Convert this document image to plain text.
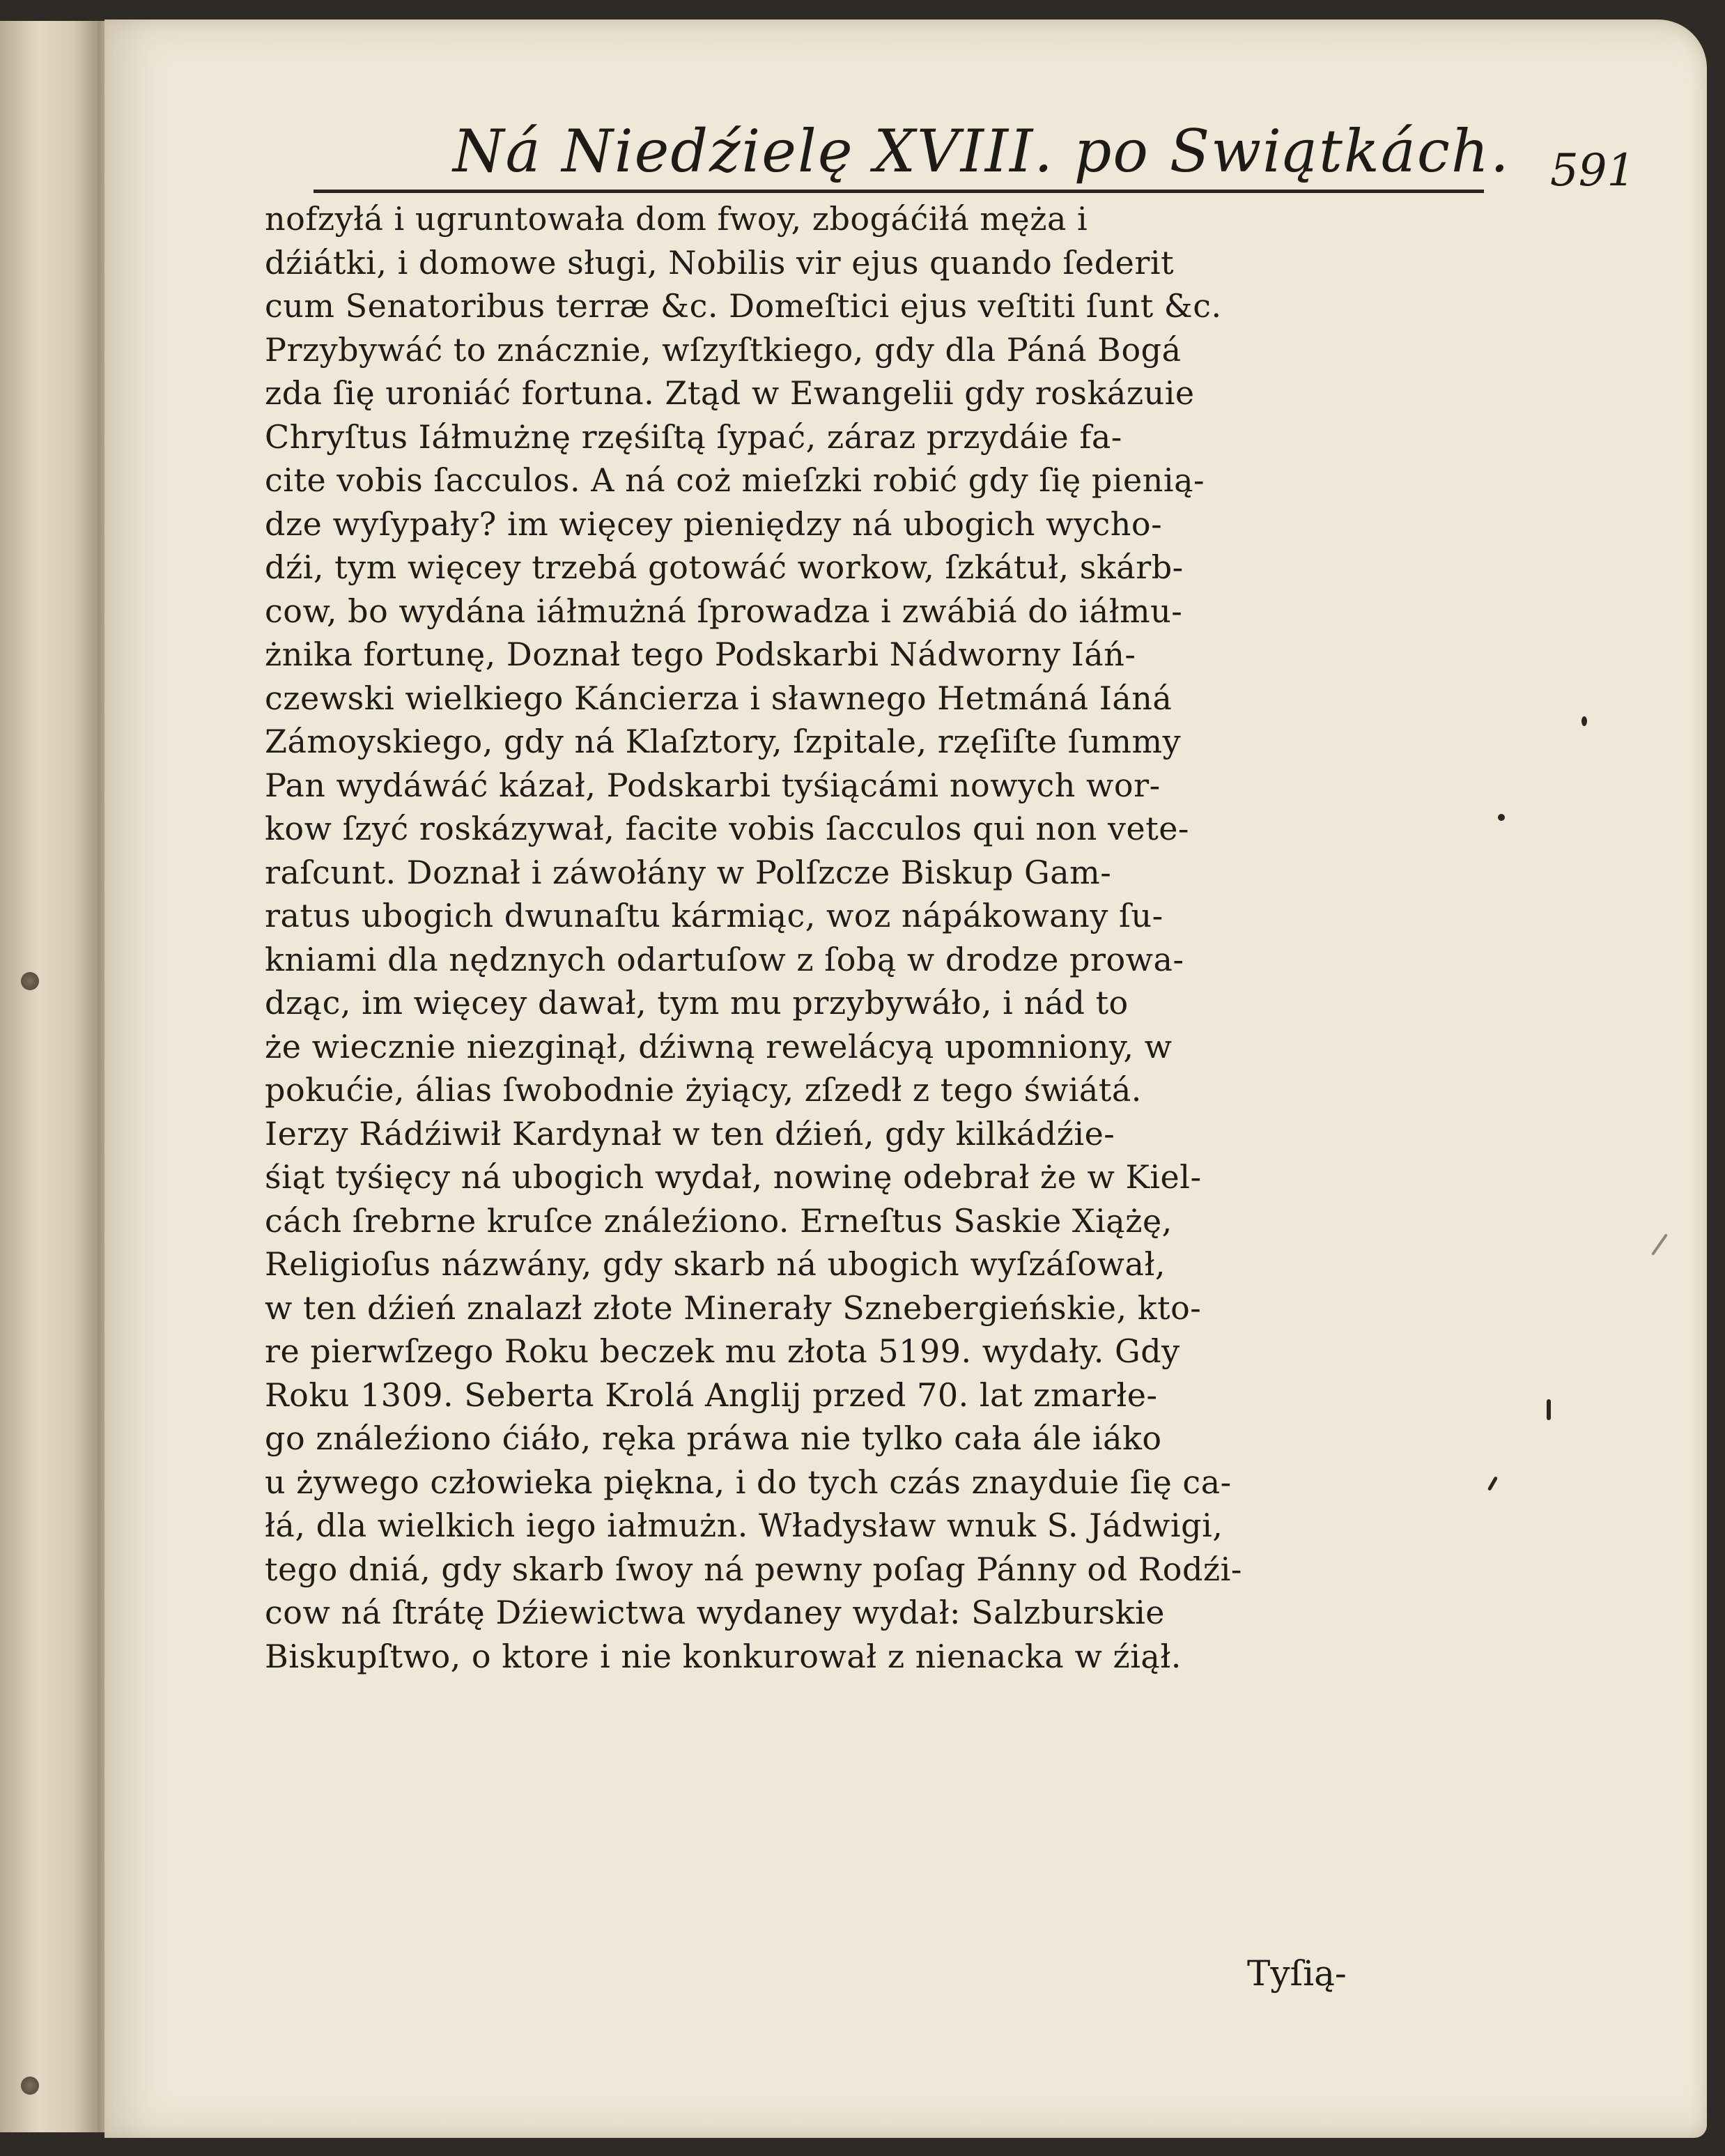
Ná Niedźielę XVIII. po Swiątkách. 591
nofzyłá i ugruntowała dom fwoy, zbogáćiłá męża i
dźiátki, i domowe sługi, Nobilis vir ejus quando ſederit
cum Senatoribus terræ &c. Domeſtici ejus veſtiti ſunt &c.
Przybywáć to znácznie, wſzyſtkiego, gdy dla Páná Bogá
zda ſię uroniáć fortuna. Ztąd w Ewangelii gdy roskázuie
Chryſtus Iáłmużnę rzęśiſtą ſypać, záraz przydáie fa-
cite vobis ſacculos. A ná coż mieſzki robić gdy ſię pienią-
dze wyſypały? im więcey pieniędzy ná ubogich wycho-
dźi, tym więcey trzebá gotowáć workow, ſzkátuł, skárb-
cow, bo wydána iáłmużná ſprowadza i zwábiá do iáłmu-
żnika fortunę, Doznał tego Podskarbi Nádworny Iáń-
czewski wielkiego Káncierza i sławnego Hetmáná Iáná
Zámoyskiego, gdy ná Klaſztory, ſzpitale, rzęſiſte ſummy
Pan wydáwáć kázał, Podskarbi tyśiącámi nowych wor-
kow ſzyć roskázywał, facite vobis ſacculos qui non vete-
raſcunt. Doznał i záwołány w Polſzcze Biskup Gam-
ratus ubogich dwunaſtu kármiąc, woz nápákowany ſu-
kniami dla nędznych odartuſow z ſobą w drodze prowa-
dząc, im więcey dawał, tym mu przybywáło, i nád to
że wiecznie niezginął, dźiwną rewelácyą upomniony, w
pokućie, álias ſwobodnie żyiący, zſzedł z tego świátá.
Ierzy Rádźiwił Kardynał w ten dźień, gdy kilkádźie-
śiąt tyśięcy ná ubogich wydał, nowinę odebrał że w Kiel-
cách ſrebrne kruſce ználeźiono. Erneſtus Saskie Xiążę,
Religioſus názwány, gdy skarb ná ubogich wyſzáſował,
w ten dźień znalazł złote Minerały Sznebergieńskie, kto-
re pierwſzego Roku beczek mu złota 5199. wydały. Gdy
Roku 1309. Seberta Krolá Anglij przed 70. lat zmarłe-
go ználeźiono ćiáło, ręka práwa nie tylko cała ále iáko
u żywego człowieka piękna, i do tych czás znayduie ſię ca-
łá, dla wielkich iego iałmużn. Władysław wnuk S. Jádwigi,
tego dniá, gdy skarb ſwoy ná pewny poſag Pánny od Rodźi-
cow ná ſtrátę Dźiewictwa wydaney wydał: Salzburskie
Biskupſtwo, o ktore i nie konkurował z nienacka w źiął.
Tyſią-
